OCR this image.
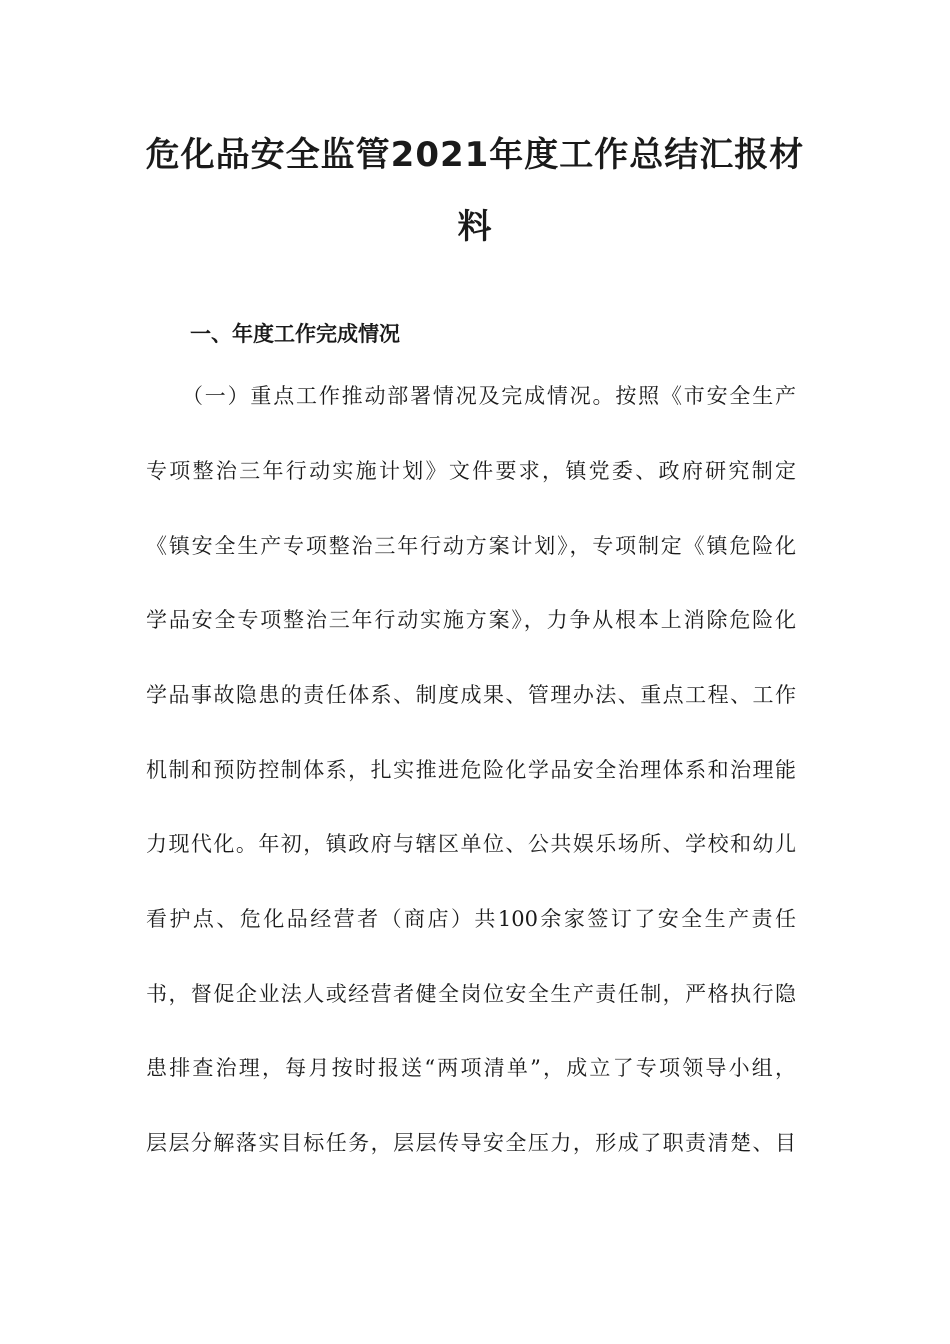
危化品安全监管2021年度工作总结汇报材
料
一、年度工作完成情况

（一）重点工作推动部署情况及完成情况。按照《市安全生产

专项整治三年行动实施计划》文件要求，镇党委、政府研究制定

《镇安全生产专项整治三年行动方案计划》，专项制定《镇危险化

学品安全专项整治三年行动实施方案》，力争从根本上消除危险化

学品事故隐患的责任体系、制度成果、管理办法、重点工程、工作

机制和预防控制体系，扎实推进危险化学品安全治理体系和治理能

力现代化。年初，镇政府与辖区单位、公共娱乐场所、学校和幼儿

看护点、危化品经营者（商店）共100余家签订了安全生产责任

书，督促企业法人或经营者健全岗位安全生产责任制，严格执行隐

患排查治理，每月按时报送“两项清单”，成立了专项领导小组，

层层分解落实目标任务，层层传导安全压力，形成了职责清楚、目
